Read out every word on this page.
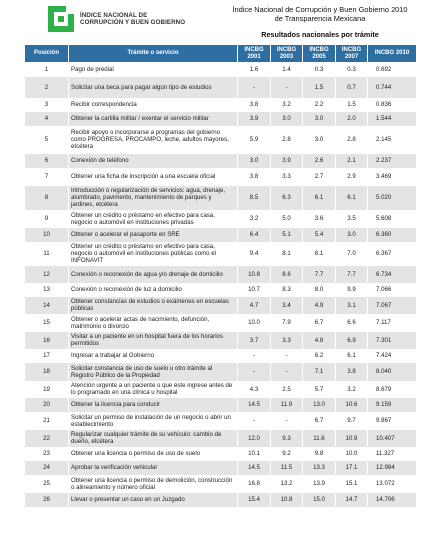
ÍNDICE NACIONAL DE
CORRUPCIÓN Y BUEN GOBIERNO
Índice Nacional de Corrupción y Buen Gobierno 2010
de Transparencia Mexicana
Resultados nacionales por trámite
Posición	Trámite o servicio	INCBG 2001	INCBG 2003	INCBG 2005	INCBG 2007	INCBG 2010
1	Pago de predial	1.6	1.4	0.3	0.3	0.692
2	Solicitar una beca para pagar algún tipo de estudios	-	-	1.5	0.7	0.744
3	Recibir correspondencia	3.8	3.2	2.2	1.5	0.836
4	Obtener la cartilla militar / exentar el servicio militar	3.9	3.0	3.0	2.0	1.544
5	Recibir apoyo o incorporarse a programas del gobierno como PROGRESA, PROCAMPO, leche, adultos mayores, etcétera	5.9	2.8	3.0	2.8	2.145
6	Conexión de teléfono	3.0	3.9	2.6	2.1	2.237
7	Obtener una ficha de inscripción a una escuela oficial	3.8	3.3	2.7	2.9	3.469
8	Introducción o regularización de servicios: agua, drenaje, alumbrado, pavimento, mantenimiento de parques y jardines, etcétera	8.5	6.3	6.1	6.1	5.020
9	Obtener un crédito o préstamo en efectivo para casa, negocio o automóvil en instituciones privadas	3.2	5.0	3.6	3.5	5.608
10	Obtener o acelerar el pasaporte en SRE	6.4	5.1	5.4	3.0	6.360
11	Obtener un crédito o préstamo en efectivo para casa, negocio o automóvil en instituciones públicas como el INFONAVIT	9.4	8.1	8.1	7.0	6.367
12	Conexión o reconexión de agua y/o drenaje de domicilio	10.8	8.6	7.7	7.7	6.734
13	Conexión o reconexión de luz a domicilio	10.7	8.3	8.0	9.9	7.066
14	Obtener constancias de estudios o exámenes en escuelas públicas	4.7	3.4	4.9	3.1	7.067
15	Obtener o acelerar actas de nacimiento, defunción, matrimonio o divorcio	10.0	7.9	6.7	6.6	7.117
16	Visitar a un paciente en un hospital fuera de los horarios permitidos	3.7	3.3	4.8	6.9	7.301
17	Ingresar a trabajar al Gobierno	-	-	6.2	6.1	7.424
18	Solicitar constancia de uso de suelo u otro trámite al Registro Público de la Propiedad	-	-	7.1	3.8	8.040
19	Atención urgente a un paciente o que éste ingrese antes de lo programado en una clínica u hospital	4.3	2.5	5.7	3.2	8.679
20	Obtener la licencia para conducir	14.5	11.9	13.0	10.6	9.159
21	Solicitar un permiso de instalación de un negocio o abrir un establecimiento	-	-	6.7	9.7	9.867
22	Regularizar cualquier trámite de su vehículo: cambio de dueño, etcétera	12.0	9.3	11.6	10.9	10.407
23	Obtener una licencia o permiso de uso de suelo	10.1	9.2	9.8	10.0	11.327
24	Aprobar la verificación vehicular	14.5	11.5	13.3	17.1	12.984
25	Obtener una licencia o permiso de demolición, construcción o alineamiento y número oficial	16.8	13.2	13.9	15.1	13.072
26	Llevar o presentar un caso en un Juzgado	15.4	10.8	15.0	14.7	14.706
